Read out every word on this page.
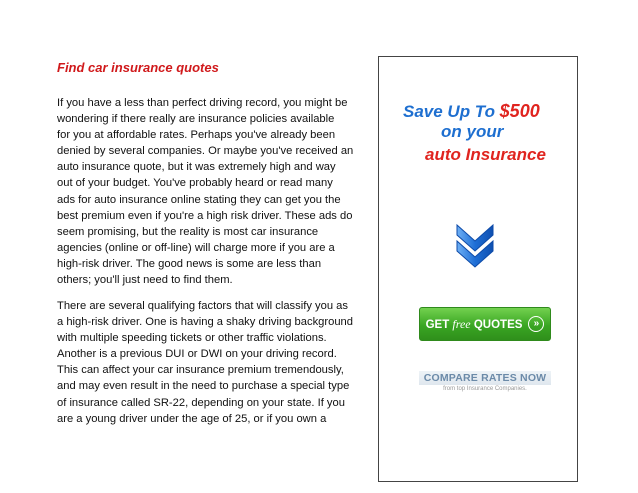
Find car insurance quotes
If you have a less than perfect driving record, you might be
wondering if there really are insurance policies available
for you at affordable rates. Perhaps you've already been
denied by several companies. Or maybe you've received an
auto insurance quote, but it was extremely high and way
out of your budget. You've probably heard or read many
ads for auto insurance online stating they can get you the
best premium even if you're a high risk driver. These ads do
seem promising, but the reality is most car insurance
agencies (online or off-line) will charge more if you are a
high-risk driver. The good news is some are less than
others; you'll just need to find them.
There are several qualifying factors that will classify you as
a high-risk driver. One is having a shaky driving background
with multiple speeding tickets or other traffic violations.
Another is a previous DUI or DWI on your driving record.
This can affect your car insurance premium tremendously,
and may even result in the need to purchase a special type
of insurance called SR-22, depending on your state. If you
are a young driver under the age of 25, or if you own a
Save Up To $500
on your
auto Insurance
GET free QUOTES	»
COMPARE RATES NOW
from top Insurance Companies.
